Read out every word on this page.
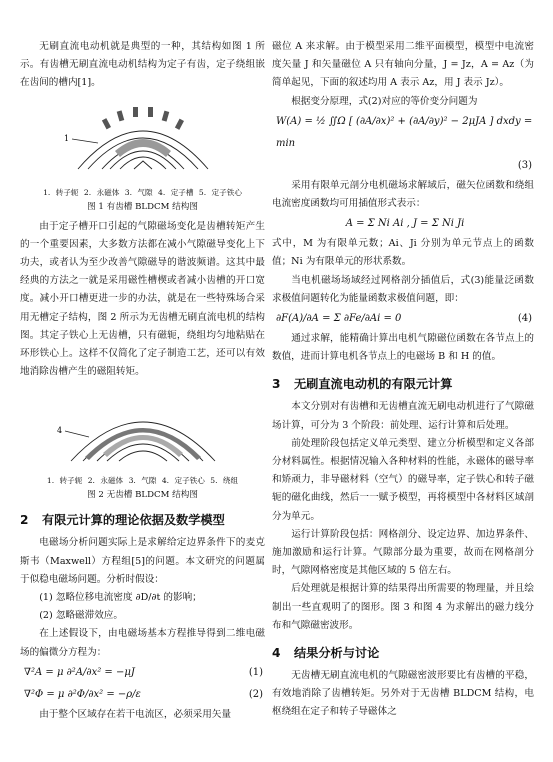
无刷直流电动机就是典型的一种，其结构如图 1 所示。有齿槽无刷直流电动机结构为定子有齿，定子绕组嵌在齿间的槽内[1]。

1
1. 转子轭 2. 永磁体 3. 气隙 4. 定子槽 5. 定子铁心
图 1 有齿槽 BLDCM 结构图

由于定子槽开口引起的气隙磁场变化是齿槽转矩产生的一个重要因素，大多数方法都在减小气隙磁导变化上下功夫，或者认为至少改善气隙磁导的谐波频谱。这其中最经典的方法之一就是采用磁性槽楔或者减小齿槽的开口宽度。减小开口槽更进一步的办法，就是在一些特殊场合采用无槽定子结构，图 2 所示为无齿槽无刷直流电机的结构图。其定子铁心上无齿槽，只有磁轭，绕组均匀地粘贴在环形铁心上。这样不仅简化了定子制造工艺，还可以有效地消除齿槽产生的磁阻转矩。

4
1. 转子轭 2. 永磁体 3. 气隙 4. 定子铁心 5. 绕组
图 2 无齿槽 BLDCM 结构图
2 有限元计算的理论依据及数学模型

电磁场分析问题实际上是求解给定边界条件下的麦克斯韦（Maxwell）方程组[5]的问题。本文研究的问题属于似稳电磁场问题。分析时假设：

(1) 忽略位移电流密度 ∂D/∂t 的影响；

(2) 忽略磁滞效应。

在上述假设下，由电磁场基本方程推导得到二维电磁场的偏微分方程为：

∇²A = μ ∂²A/∂x² = −μJ	(1)
∇²Φ = μ ∂²Φ/∂x² = −ρ/ε	(2)

由于整个区域存在若干电流区，必须采用矢量

磁位 A 来求解。由于模型采用二维平面模型，模型中电流密度矢量 J 和矢量磁位 A 只有轴向分量，J = Jz，A = Az（为简单起见，下面的叙述均用 A 表示 Az，用 J 表示 Jz）。

根据变分原理，式(2)对应的等价变分问题为

W(A) = ½ ∬Ω [ (∂A/∂x)² + (∂A/∂y)² − 2μJA ] dxdy = min
(3)

采用有限单元剖分电机磁场求解域后，磁矢位函数和绕组电流密度函数均可用插值形式表示：

A = Σ Ni Ai , J = Σ Ni Ji

式中，M 为有限单元数；Ai、Ji 分别为单元节点上的函数值；Ni 为有限单元的形状系数。

当电机磁场场域经过网格剖分插值后，式(3)能量泛函数求极值问题转化为能量函数求极值问题，即：

∂F(A)/∂A = Σ ∂Fe/∂Ai = 0	(4)

通过求解，能精确计算出电机气隙磁位函数在各节点上的数值，进而计算电机各节点上的电磁场 B 和 H 的值。

3 无刷直流电动机的有限元计算

本文分别对有齿槽和无齿槽直流无刷电动机进行了气隙磁场计算，可分为 3 个阶段：前处理、运行计算和后处理。

前处理阶段包括定义单元类型、建立分析模型和定义各部分材料属性。根据情况输入各种材料的性能，永磁体的磁导率和矫顽力，非导磁材料（空气）的磁导率，定子铁心和转子磁轭的磁化曲线，然后一一赋予模型，再将模型中各材料区域剖分为单元。

运行计算阶段包括：网格剖分、设定边界、加边界条件、施加激励和运行计算。气隙部分最为重要，故而在网格剖分时，气隙网格密度是其他区域的 5 倍左右。

后处理就是根据计算的结果得出所需要的物理量，并且绘制出一些直观明了的图形。图 3 和图 4 为求解出的磁力线分布和气隙磁密波形。

4 结果分析与讨论

无齿槽无刷直流电机的气隙磁密波形要比有齿槽的平稳，有效地消除了齿槽转矩。另外对于无齿槽 BLDCM 结构，电枢绕组在定子和转子导磁体之
